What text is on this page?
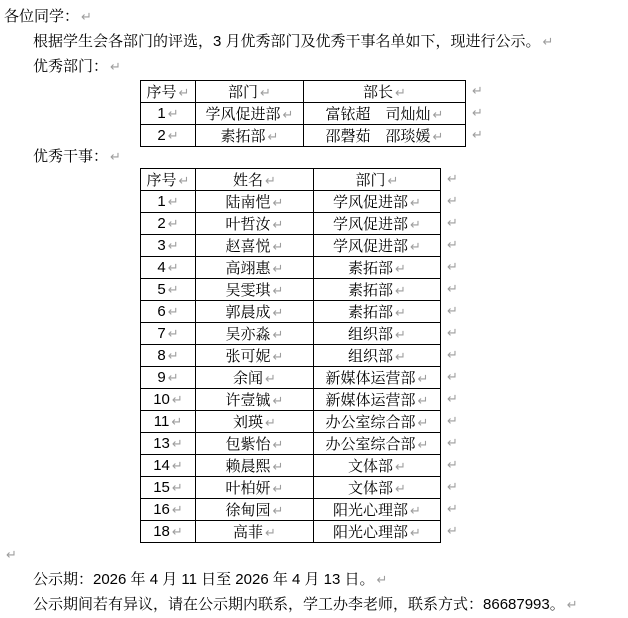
各位同学： ↵

根据学生会各部门的评选，3 月优秀部门及优秀干事名单如下，现进行公示。 ↵

优秀部门： ↵

序号 ↵	部门 ↵	部长 ↵
1 ↵	学风促进部 ↵	富铱超　司灿灿 ↵
2 ↵	素拓部 ↵	邵磬茹　邵琰媛 ↵
↵
↵
↵

优秀干事： ↵

序号 ↵	姓名 ↵	部门 ↵
1 ↵	陆南恺 ↵	学风促进部 ↵
2 ↵	叶哲汝 ↵	学风促进部 ↵
3 ↵	赵喜悦 ↵	学风促进部 ↵
4 ↵	高翊惠 ↵	素拓部 ↵
5 ↵	吴雯琪 ↵	素拓部 ↵
6 ↵	郭晨成 ↵	素拓部 ↵
7 ↵	吴亦淼 ↵	组织部 ↵
8 ↵	张可妮 ↵	组织部 ↵
9 ↵	余闻 ↵	新媒体运营部 ↵
10 ↵	许壹铖 ↵	新媒体运营部 ↵
11 ↵	刘瑛 ↵	办公室综合部 ↵
13 ↵	包紫怡 ↵	办公室综合部 ↵
14 ↵	赖晨熙 ↵	文体部 ↵
15 ↵	叶柏妍 ↵	文体部 ↵
16 ↵	徐甸园 ↵	阳光心理部 ↵
18 ↵	高菲 ↵	阳光心理部 ↵
↵
↵
↵
↵
↵
↵
↵
↵
↵
↵
↵
↵
↵
↵
↵
↵
↵

↵

公示期：2026 年 4 月 11 日至 2026 年 4 月 13 日。 ↵

公示期间若有异议，请在公示期内联系，学工办李老师，联系方式：86687993。 ↵
